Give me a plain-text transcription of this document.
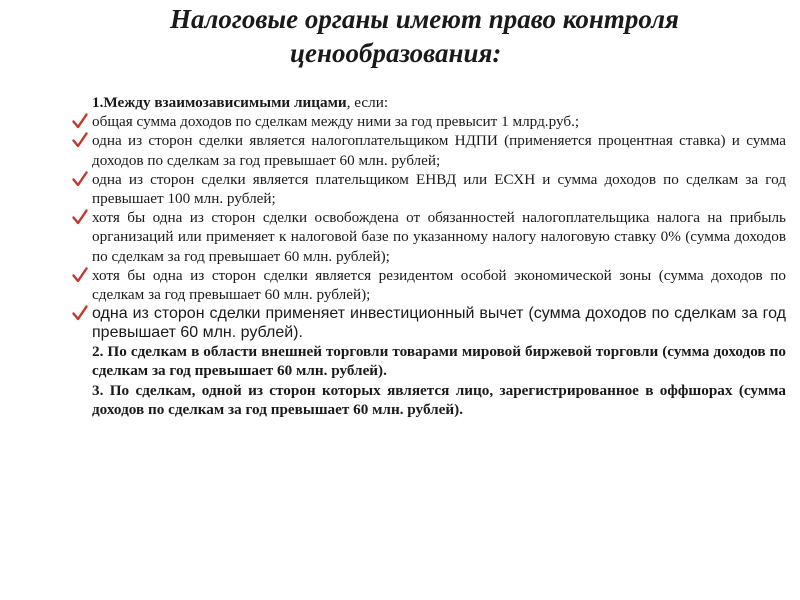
Налоговые органы имеют право контроля
ценообразования:

1.Между взаимозависимыми лицами, если:

общая сумма доходов по сделкам между ними за год превысит 1 млрд.руб.;

одна из сторон сделки является налогоплательщиком НДПИ (применяется процентная ставка) и сумма доходов по сделкам за год превышает 60 млн. рублей;

одна из сторон сделки является плательщиком ЕНВД или ЕСХН и сумма доходов по сделкам за год превышает 100 млн. рублей;

хотя бы одна из сторон сделки освобождена от обязанностей налогоплательщика налога на прибыль организаций или применяет к налоговой базе по указанному налогу налоговую ставку 0% (сумма доходов по сделкам за год превышает 60 млн. рублей);

хотя бы одна из сторон сделки является резидентом особой экономической зоны (сумма доходов по сделкам за год превышает 60 млн. рублей);

одна из сторон сделки применяет инвестиционный вычет (сумма доходов по сделкам за год превышает 60 млн. рублей).

2. По сделкам в области внешней торговли товарами мировой биржевой торговли (сумма доходов по сделкам за год превышает 60 млн. рублей).

3. По сделкам, одной из сторон которых является лицо, зарегистрированное в оффшорах (сумма доходов по сделкам за год превышает 60 млн. рублей).
